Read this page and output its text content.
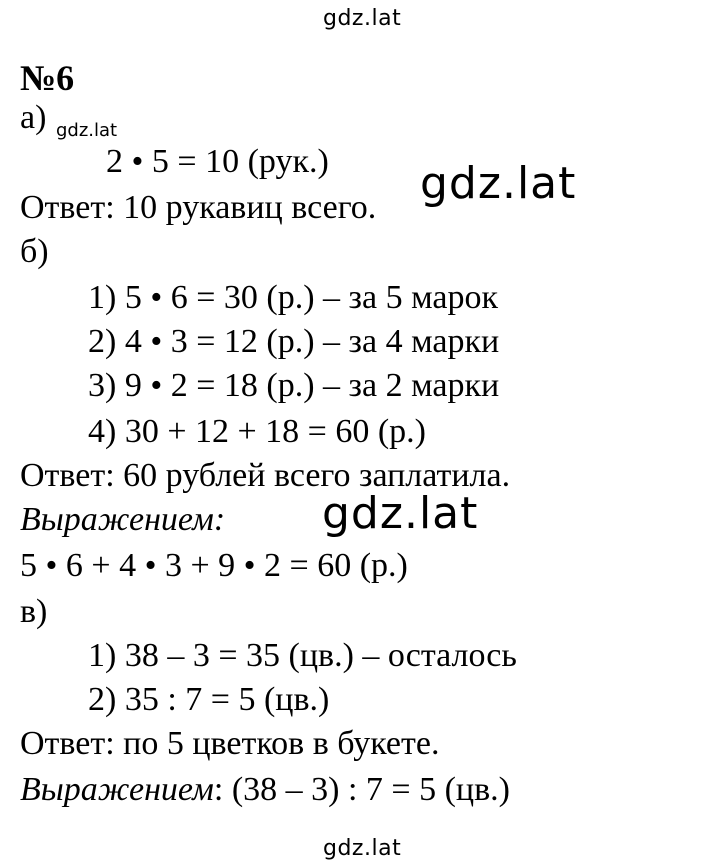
gdz.lat
gdz.lat
gdz.lat
gdz.lat
№6
а) gdz.lat
2 • 5 = 10 (рук.)
Ответ: 10 рукавиц всего.
б)
1) 5 • 6 = 30 (р.) – за 5 марок
2) 4 • 3 = 12 (р.) – за 4 марки
3) 9 • 2 = 18 (р.) – за 2 марки
4) 30 + 12 + 18 = 60 (р.)
Ответ: 60 рублей всего заплатила.
Выражением:
5 • 6 + 4 • 3 + 9 • 2 = 60 (р.)
в)
1) 38 – 3 = 35 (цв.) – осталось
2) 35 : 7 = 5 (цв.)
Ответ: по 5 цветков в букете.
Выражением: (38 – 3) : 7 = 5 (цв.)
